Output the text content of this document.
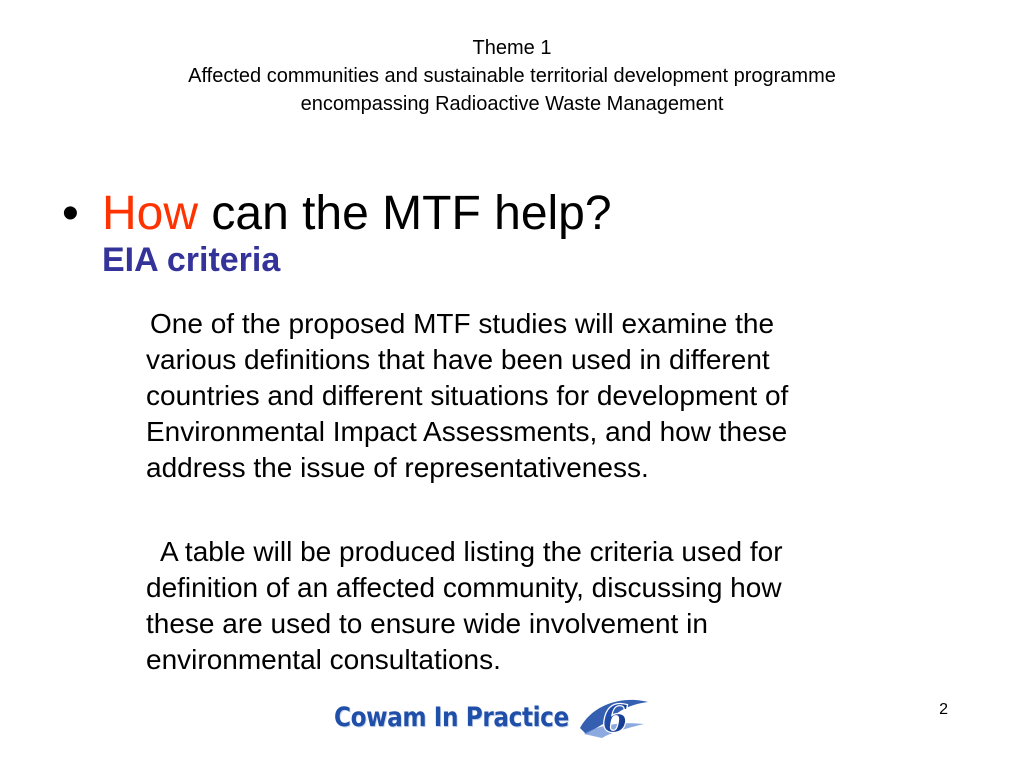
Theme 1
Affected communities and sustainable territorial development programme
encompassing Radioactive Waste Management
• How can the MTF help?
EIA criteria
One of the proposed MTF studies will examine the
various definitions that have been used in different
countries and different situations for development of
Environmental Impact Assessments, and how these
address the issue of representativeness.
A table will be produced listing the criteria used for
definition of an affected community, discussing how
these are used to ensure wide involvement in
environmental consultations.
Cowam In Practice 6	2
